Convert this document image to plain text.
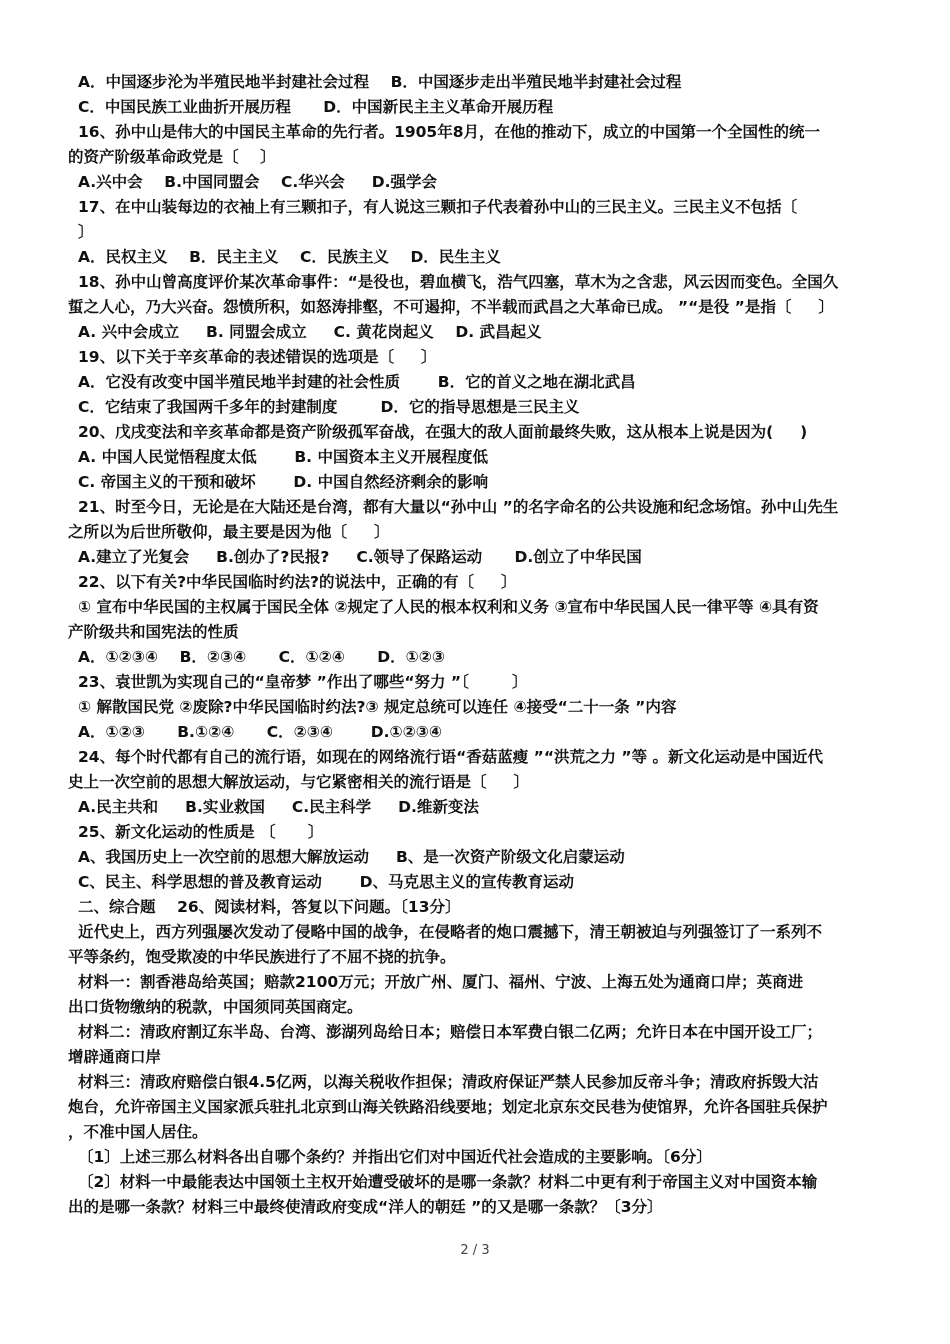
A．中国逐步沦为半殖民地半封建社会过程    B．中国逐步走出半殖民地半封建社会过程
C．中国民族工业曲折开展历程      D．中国新民主主义革命开展历程
16、孙中山是伟大的中国民主革命的先行者。1905年8月，在他的推动下，成立的中国第一个全国性的统一
的资产阶级革命政党是〔    〕
A.兴中会    B.中国同盟会    C.华兴会     D.强学会
17、在中山装每边的衣袖上有三颗扣子，有人说这三颗扣子代表着孙中山的三民主义。三民主义不包括〔
〕
A．民权主义    B．民主主义    C．民族主义    D．民生主义
18、孙中山曾高度评价某次革命事件：“是役也，碧血横飞，浩气四塞，草木为之含悲，风云因而变色。全国久
蜇之人心，乃大兴奋。怨愤所积，如怒涛排壑，不可遏抑，不半载而武昌之大革命已成。 ”“是役 ”是指〔     〕
A. 兴中会成立     B. 同盟会成立     C. 黄花岗起义    D. 武昌起义
19、以下关于辛亥革命的表述错误的选项是〔     〕
A．它没有改变中国半殖民地半封建的社会性质       B．它的首义之地在湖北武昌
C．它结束了我国两千多年的封建制度        D．它的指导思想是三民主义
20、戊戌变法和辛亥革命都是资产阶级孤军奋战，在强大的敌人面前最终失败，这从根本上说是因为(     )
A. 中国人民觉悟程度太低       B. 中国资本主义开展程度低
C. 帝国主义的干预和破坏       D. 中国自然经济剩余的影响
21、时至今日，无论是在大陆还是台湾，都有大量以“孙中山 ”的名字命名的公共设施和纪念场馆。孙中山先生
之所以为后世所敬仰，最主要是因为他〔     〕
A.建立了光复会     B.创办了?民报?     C.领导了保路运动      D.创立了中华民国
22、以下有关?中华民国临时约法?的说法中，正确的有〔     〕
① 宣布中华民国的主权属于国民全体 ②规定了人民的根本权利和义务 ③宣布中华民国人民一律平等 ④具有资
产阶级共和国宪法的性质
A．①②③④    B．②③④      C．①②④      D．①②③
23、袁世凯为实现自己的“皇帝梦 ”作出了哪些“努力 ”〔        〕
① 解散国民党 ②废除?中华民国临时约法?③ 规定总统可以连任 ④接受“二十一条 ”内容
A．①②③      B.①②④      C．②③④       D.①②③④
24、每个时代都有自己的流行语，如现在的网络流行语“香菇蓝瘦 ”“洪荒之力 ”等 。新文化运动是中国近代
史上一次空前的思想大解放运动，与它紧密相关的流行语是〔     〕
A.民主共和     B.实业救国     C.民主科学     D.维新变法
25、新文化运动的性质是 〔      〕
A、我国历史上一次空前的思想大解放运动     B、是一次资产阶级文化启蒙运动
C、民主、科学思想的普及教育运动       D、马克思主义的宣传教育运动
二、综合题    26、阅读材料，答复以下问题。〔13分〕
近代史上，西方列强屡次发动了侵略中国的战争，在侵略者的炮口震撼下，清王朝被迫与列强签订了一系列不
平等条约，饱受欺凌的中华民族进行了不屈不挠的抗争。
材料一：割香港岛给英国；赔款2100万元；开放广州、厦门、福州、宁波、上海五处为通商口岸；英商进
出口货物缴纳的税款，中国须同英国商定。
材料二：清政府割辽东半岛、台湾、澎湖列岛给日本；赔偿日本军费白银二亿两；允许日本在中国开设工厂；
增辟通商口岸
材料三：清政府赔偿白银4.5亿两，以海关税收作担保；清政府保证严禁人民参加反帝斗争；清政府拆毁大沽
炮台，允许帝国主义国家派兵驻扎北京到山海关铁路沿线要地；划定北京东交民巷为使馆界，允许各国驻兵保护
，不准中国人居住。
〔1〕上述三那么材料各出自哪个条约？并指出它们对中国近代社会造成的主要影响。〔6分〕
〔2〕材料一中最能表达中国领土主权开始遭受破坏的是哪一条款？材料二中更有利于帝国主义对中国资本输
出的是哪一条款？材料三中最终使清政府变成“洋人的朝廷 ”的又是哪一条款？〔3分〕
2 / 3
